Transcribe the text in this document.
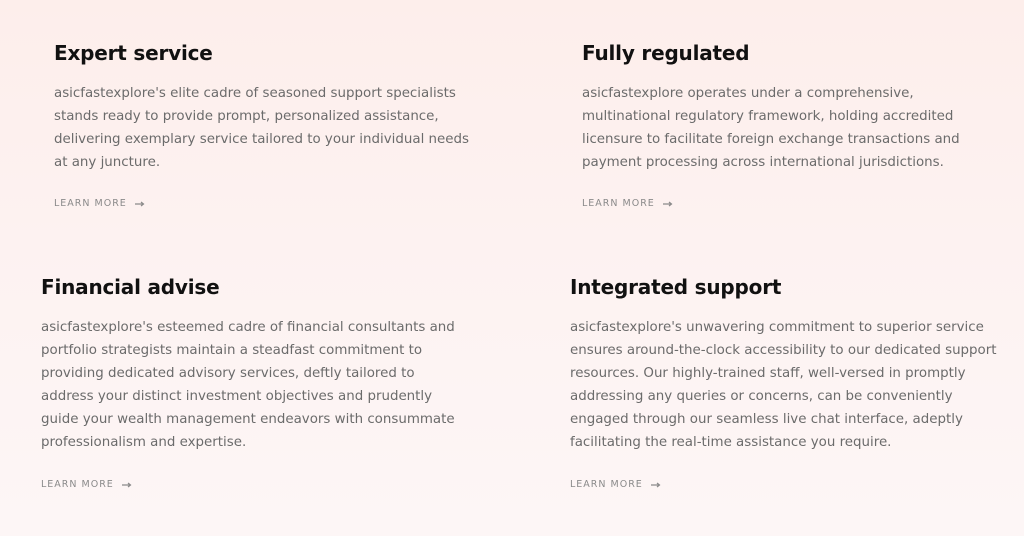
Expert service

asicfastexplore's elite cadre of seasoned support specialists stands ready to provide prompt, personalized assistance, delivering exemplary service tailored to your individual needs at any juncture.

LEARN MORE
Fully regulated

asicfastexplore operates under a comprehensive, multinational regulatory framework, holding accredited licensure to facilitate foreign exchange transactions and payment processing across international jurisdictions.

LEARN MORE
Financial advise

asicfastexplore's esteemed cadre of financial consultants and portfolio strategists maintain a steadfast commitment to providing dedicated advisory services, deftly tailored to address your distinct investment objectives and prudently guide your wealth management endeavors with consummate professionalism and expertise.

LEARN MORE
Integrated support

asicfastexplore's unwavering commitment to superior service ensures around-the-clock accessibility to our dedicated support resources. Our highly-trained staff, well-versed in promptly addressing any queries or concerns, can be conveniently engaged through our seamless live chat interface, adeptly facilitating the real-time assistance you require.

LEARN MORE
